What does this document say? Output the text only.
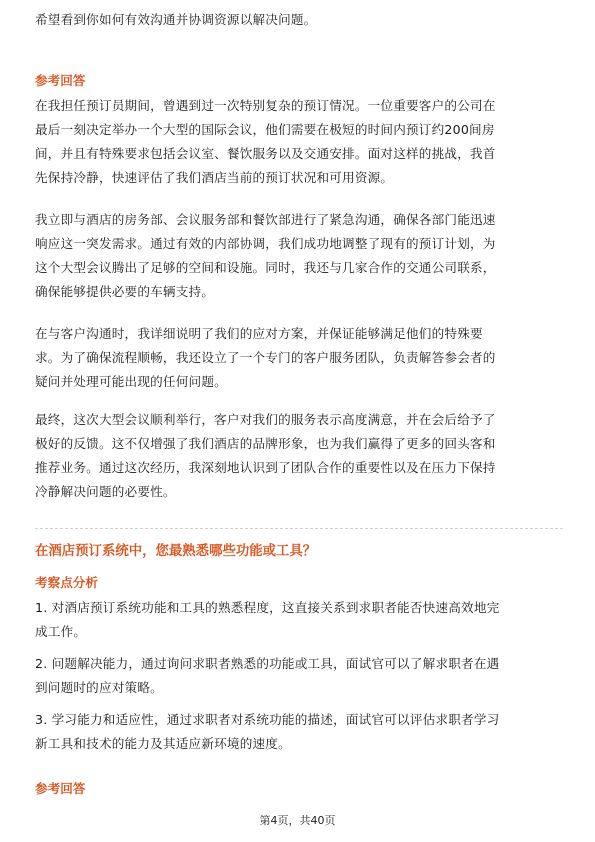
希望看到你如何有效沟通并协调资源以解决问题。

参考回答

在我担任预订员期间，曾遇到过一次特别复杂的预订情况。一位重要客户的公司在

最后一刻决定举办一个大型的国际会议，他们需要在极短的时间内预订约200间房

间，并且有特殊要求包括会议室、餐饮服务以及交通安排。面对这样的挑战，我首

先保持冷静，快速评估了我们酒店当前的预订状况和可用资源。

我立即与酒店的房务部、会议服务部和餐饮部进行了紧急沟通，确保各部门能迅速

响应这一突发需求。通过有效的内部协调，我们成功地调整了现有的预订计划，为

这个大型会议腾出了足够的空间和设施。同时，我还与几家合作的交通公司联系，

确保能够提供必要的车辆支持。

在与客户沟通时，我详细说明了我们的应对方案，并保证能够满足他们的特殊要

求。为了确保流程顺畅，我还设立了一个专门的客户服务团队，负责解答参会者的

疑问并处理可能出现的任何问题。

最终，这次大型会议顺利举行，客户对我们的服务表示高度满意，并在会后给予了

极好的反馈。这不仅增强了我们酒店的品牌形象，也为我们赢得了更多的回头客和

推荐业务。通过这次经历，我深刻地认识到了团队合作的重要性以及在压力下保持

冷静解决问题的必要性。

在酒店预订系统中，您最熟悉哪些功能或工具？

考察点分析

1. 对酒店预订系统功能和工具的熟悉程度，这直接关系到求职者能否快速高效地完

成工作。

2. 问题解决能力，通过询问求职者熟悉的功能或工具，面试官可以了解求职者在遇

到问题时的应对策略。

3. 学习能力和适应性，通过求职者对系统功能的描述，面试官可以评估求职者学习

新工具和技术的能力及其适应新环境的速度。

参考回答

第4页，共40页
